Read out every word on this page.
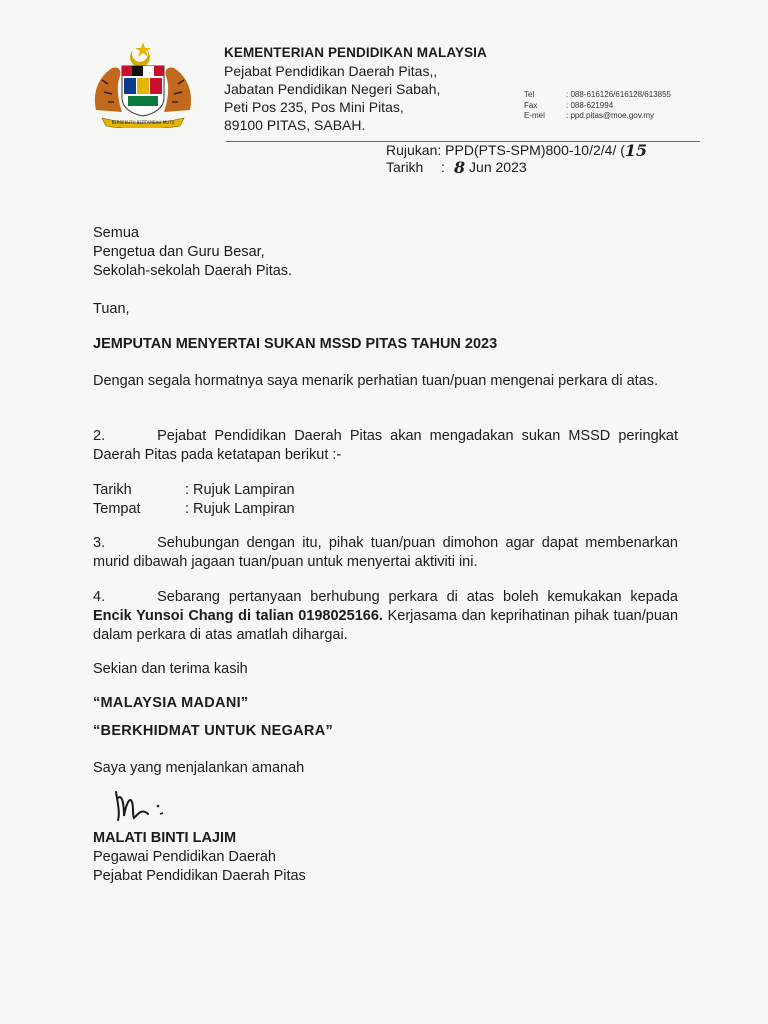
BERSEKUTU BERTAMBAH MUTU
KEMENTERIAN PENDIDIKAN MALAYSIA
Pejabat Pendidikan Daerah Pitas,,
Jabatan Pendidikan Negeri Sabah,
Peti Pos 235, Pos Mini Pitas,
89100 PITAS, SABAH.
Tel	: 088-616126/616128/613855
Fax	: 088-621994
E-mel	: ppd.pitas@moe.gov.my
Rujukan:
PPD(PTS-SPM)800-10/2/4/ ( 15
Tarikh	: 8
Jun 2023
Semua
Pengetua dan Guru Besar,
Sekolah-sekolah Daerah Pitas.
Tuan,
JEMPUTAN MENYERTAI SUKAN MSSD PITAS TAHUN 2023
Dengan segala hormatnya saya menarik perhatian tuan/puan mengenai perkara di atas.
2.	Pejabat Pendidikan Daerah Pitas akan mengadakan sukan MSSD peringkat Daerah Pitas pada ketatapan berikut :-
Tarikh	: Rujuk Lampiran
Tempat	: Rujuk Lampiran
3.	Sehubungan dengan itu, pihak tuan/puan dimohon agar dapat membenarkan murid dibawah jagaan tuan/puan untuk menyertai aktiviti ini.
4.	Sebarang pertanyaan berhubung perkara di atas boleh kemukakan kepada Encik Yunsoi Chang di talian 0198025166. Kerjasama dan keprihatinan pihak tuan/puan dalam perkara di atas amatlah dihargai.
Sekian dan terima kasih
“MALAYSIA MADANI”
“BERKHIDMAT UNTUK NEGARA”
Saya yang menjalankan amanah
MALATI BINTI LAJIM
Pegawai Pendidikan Daerah
Pejabat Pendidikan Daerah Pitas
